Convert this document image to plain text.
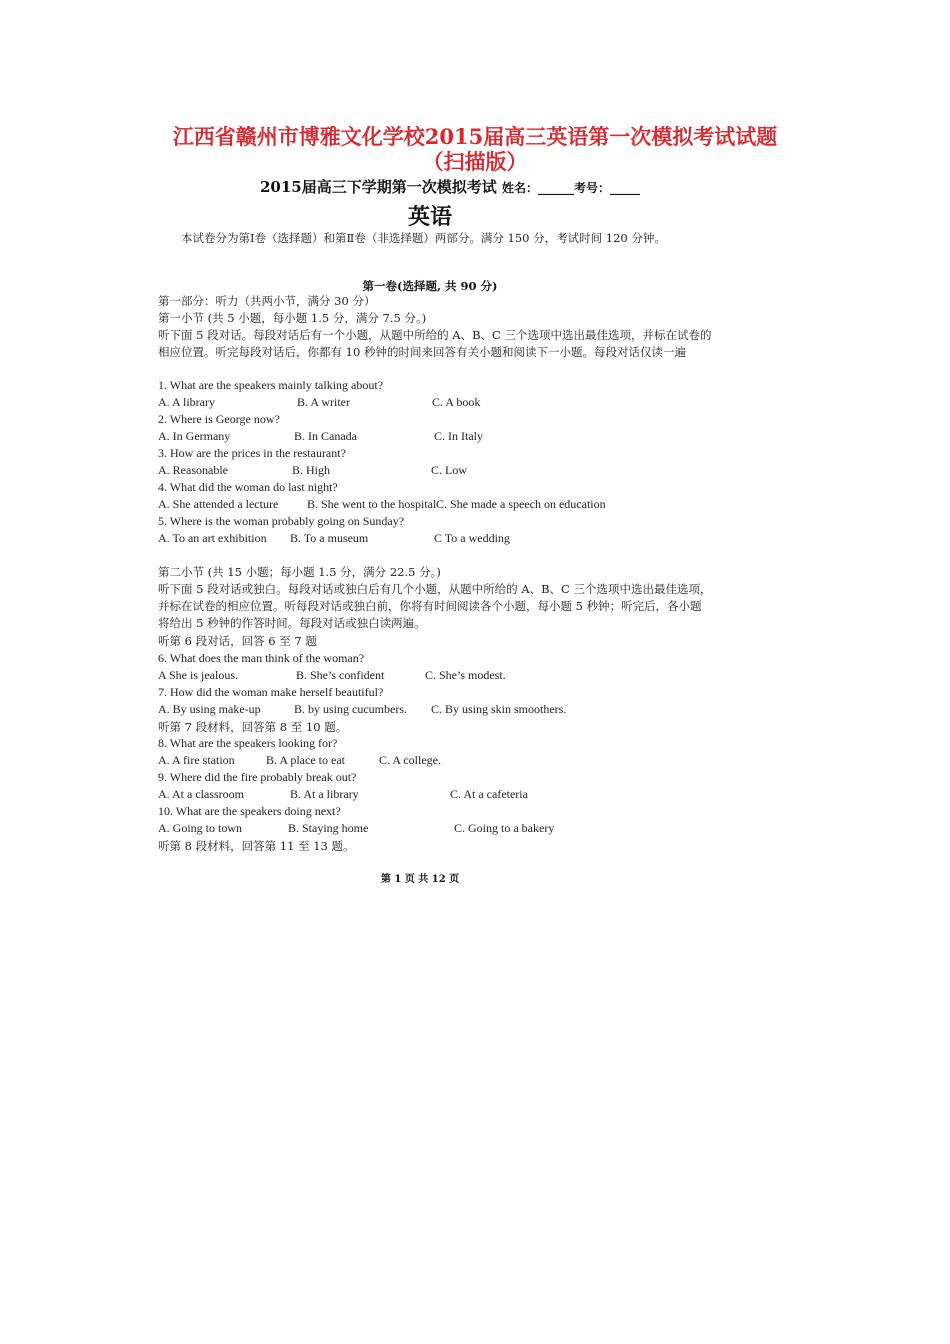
江西省赣州市博雅文化学校2015届高三英语第一次模拟考试试题
（扫描版）
2015届高三下学期第一次模拟考试 姓名：______考号：_____
英语
本试卷分为第Ⅰ卷（选择题）和第Ⅱ卷（非选择题）两部分。满分 150 分，考试时间 120 分钟。
第一卷(选择题, 共 90 分)
第一部分：听力（共两小节，满分 30 分）
第一小节 (共 5 小题，每小题 1.5 分，满分 7.5 分。)
听下面 5 段对话。每段对话后有一个小题，从题中所给的 A、B、C 三个选项中选出最佳选项，并标在试卷的相应位置。听完每段对话后，你都有 10 秒钟的时间来回答有关小题和阅读下一小题。每段对话仅读一遍
1. What are the speakers mainly talking about?
A. A library	B. A writer	C. A book
2. Where is George now?
A. In Germany	B. In Canada	C. In Italy
3. How are the prices in the restaurant?
A. Reasonable	B. High	C. Low
4. What did the woman do last night?
A. She attended a lecture B. She went to the hospital C. She made a speech on education
5. Where is the woman probably going on Sunday?
A. To an art exhibition B. To a museum	C To a wedding
第二小节 (共 15 小题；每小题 1.5 分，满分 22.5 分。)
听下面 5 段对话或独白。每段对话或独白后有几个小题，从题中所给的 A、B、C 三个选项中选出最佳选项，并标在试卷的相应位置。听每段对话或独白前，你将有时间阅读各个小题，每小题 5 秒钟；听完后，各小题将给出 5 秒钟的作答时间。每段对话或独白读两遍。
听第 6 段对话，回答 6 至 7 题
6. What does the man think of the woman?
A She is jealous.	B. She’s confident	C. She’s modest.
7. How did the woman make herself beautiful?
A. By using make-up	B. by using cucumbers. C. By using skin smoothers.
听第 7 段材料，回答第 8 至 10 题。
8. What are the speakers looking for?
A. A fire station	B. A place to eat	C. A college.
9. Where did the fire probably break out?
A. At a classroom	B. At a library	C. At a cafeteria
10. What are the speakers doing next?
A. Going to town	B. Staying home	C. Going to a bakery
听第 8 段材料，回答第 11 至 13 题。
第 1 页 共 12 页
